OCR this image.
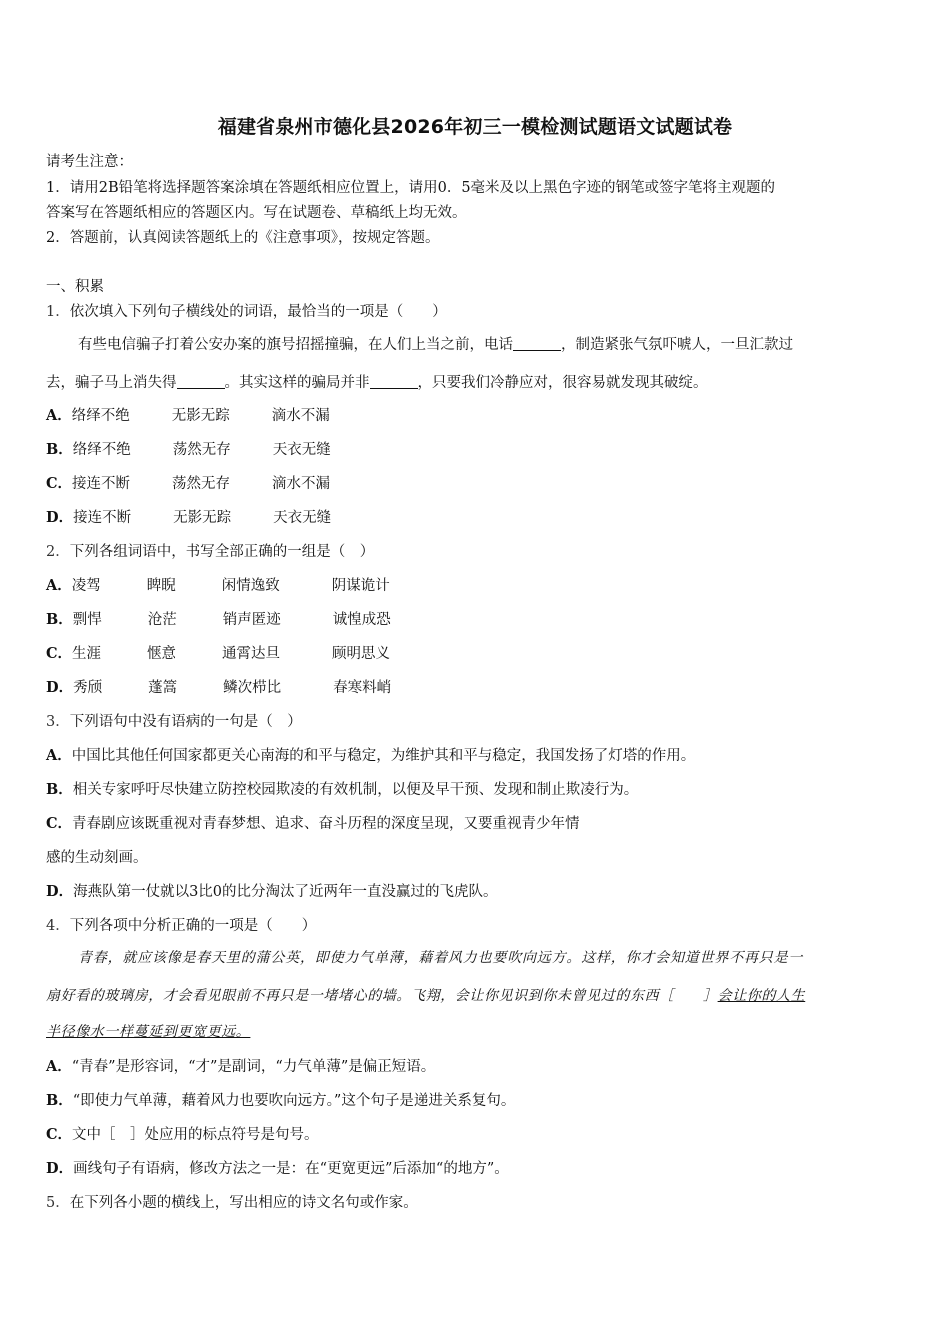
福建省泉州市德化县2026年初三一模检测试题语文试题试卷
请考生注意：
1．请用2B铅笔将选择题答案涂填在答题纸相应位置上，请用0．5毫米及以上黑色字迹的钢笔或签字笔将主观题的
答案写在答题纸相应的答题区内。写在试题卷、草稿纸上均无效。
2．答题前，认真阅读答题纸上的《注意事项》，按规定答题。
一、积累
1．依次填入下列句子横线处的词语，最恰当的一项是（　　）
有些电信骗子打着公安办案的旗号招摇撞骗，在人们上当之前，电话	，制造紧张气氛吓唬人，一旦汇款过
去，骗子马上消失得	。其实这样的骗局并非	，只要我们冷静应对，很容易就发现其破绽。
A．络绎不绝	无影无踪	滴水不漏
B．络绎不绝	荡然无存	天衣无缝
C．接连不断	荡然无存	滴水不漏
D．接连不断	无影无踪	天衣无缝
2．下列各组词语中，书写全部正确的一组是（　）
A．凌驾	睥睨	闲情逸致	阴谋诡计
B．剽悍	沧茫	销声匿迹	诚惶成恐
C．生涯	惬意	通霄达旦	顾明思义
D．秀颀	蓬篙	鳞次栉比	春寒料峭
3．下列语句中没有语病的一句是（　）
A．中国比其他任何国家都更关心南海的和平与稳定，为维护其和平与稳定，我国发扬了灯塔的作用。
B．相关专家呼吁尽快建立防控校园欺凌的有效机制，以便及早干预、发现和制止欺凌行为。
C．青春剧应该既重视对青春梦想、追求、奋斗历程的深度呈现，又要重视青少年情
感的生动刻画。
D．海燕队第一仗就以3比0的比分淘汰了近两年一直没赢过的飞虎队。
4．下列各项中分析正确的一项是（　　）
青春，就应该像是春天里的蒲公英，即使力气单薄，藉着风力也要吹向远方。这样，你才会知道世界不再只是一
扇好看的玻璃房，才会看见眼前不再只是一堵堵心的墙。飞翔，会让你见识到你未曾见过的东西［　　］会让你的人生
半径像水一样蔓延到更宽更远。
A．“青春”是形容词，“才”是副词，“力气单薄”是偏正短语。
B．“即使力气单薄，藉着风力也要吹向远方。”这个句子是递进关系复句。
C．文中［　］处应用的标点符号是句号。
D．画线句子有语病，修改方法之一是：在“更宽更远”后添加“的地方”。
5．在下列各小题的横线上，写出相应的诗文名句或作家。
